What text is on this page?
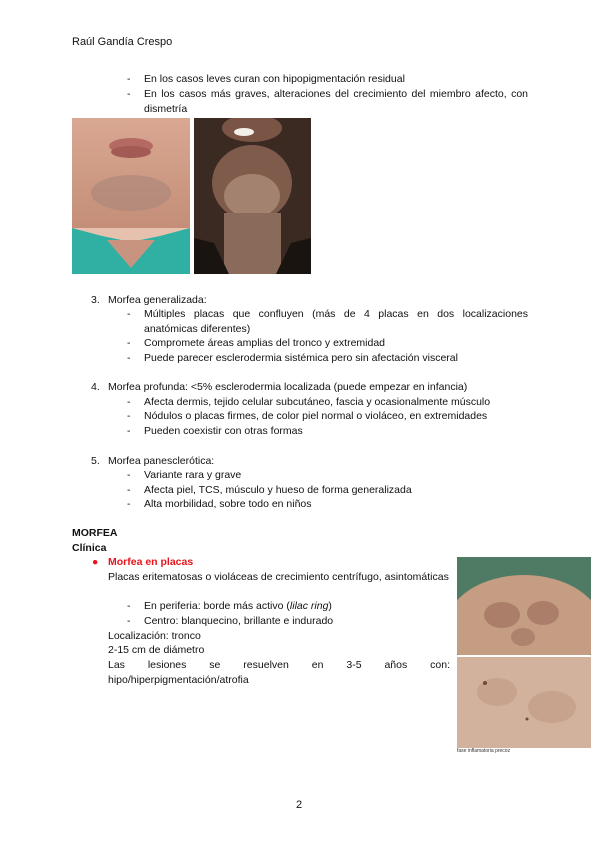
Raúl Gandía Crespo
- En los casos leves curan con hipopigmentación residual
- En los casos más graves, alteraciones del crecimiento del miembro afecto, con dismetría
3. Morfea generalizada:
- Múltiples placas que confluyen (más de 4 placas en dos localizaciones anatómicas diferentes)
- Compromete áreas amplias del tronco y extremidad
- Puede parecer esclerodermia sistémica pero sin afectación visceral
4. Morfea profunda: <5% esclerodermia localizada (puede empezar en infancia)
- Afecta dermis, tejido celular subcutáneo, fascia y ocasionalmente músculo
- Nódulos o placas firmes, de color piel normal o violáceo, en extremidades
- Pueden coexistir con otras formas
5. Morfea panesclerótica:
- Variante rara y grave
- Afecta piel, TCS, músculo y hueso de forma generalizada
- Alta morbilidad, sobre todo en niños
MORFEA
Clínica
● Morfea en placas
Placas eritematosas o violáceas de crecimiento centrífugo, asintomáticas
- En periferia: borde más activo (lilac ring)
- Centro: blanquecino, brillante e indurado
Localización: tronco
2-15 cm de diámetro
Las lesiones se resuelven en 3-5 años con: hipo/hiperpigmentación/atrofia
fase inflamatoria precoz
2
